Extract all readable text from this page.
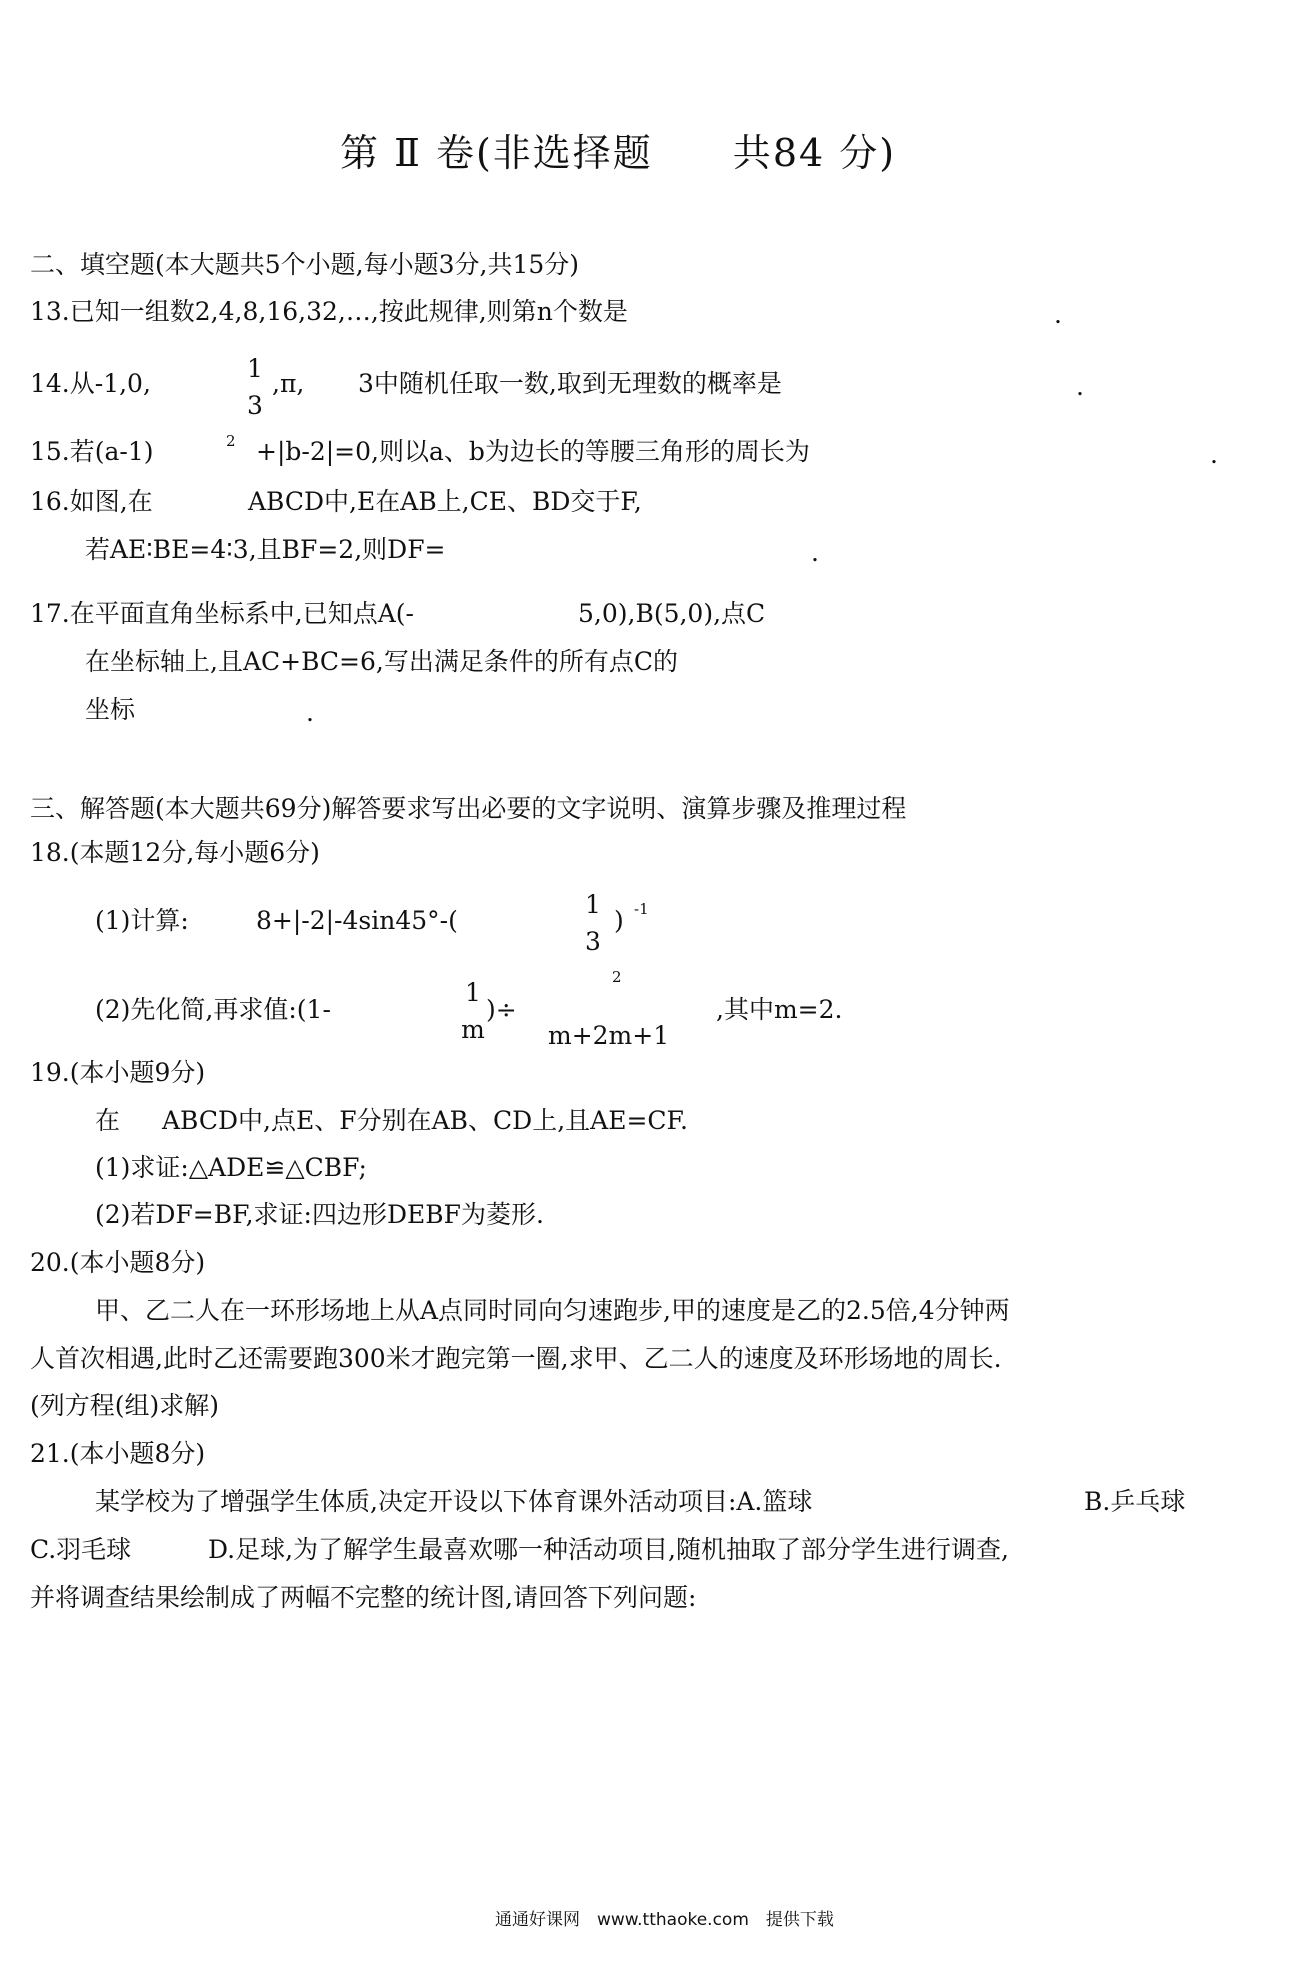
第 Ⅱ 卷(非选择题　　共84 分)
二、填空题(本大题共5个小题,每小题3分,共15分)
13.已知一组数2,4,8,16,32,…,按此规律,则第n个数是	.
14.从-1,0,
1
3
,π, 3中随机任取一数,取到无理数的概率是	.
15.若(a-1)	2 +|b-2|=0,则以a、b为边长的等腰三角形的周长为	.
16.如图,在	ABCD中,E在AB上,CE、BD交于F,
若AE∶BE=4∶3,且BF=2,则DF=	.
17.在平面直角坐标系中,已知点A(-	5,0),B(5,0),点C
在坐标轴上,且AC+BC=6,写出满足条件的所有点C的
坐标	.
三、解答题(本大题共69分)解答要求写出必要的文字说明、演算步骤及推理过程
18.(本题12分,每小题6分)
(1)计算:	8+|-2|-4sin45°-(
1
3
) -1
(2)先化简,再求值:(1-
1
m
)÷
2
m+2m+1
,其中m=2.
19.(本小题9分)
在 ABCD中,点E、F分别在AB、CD上,且AE=CF.
(1)求证:△ADE≌△CBF;
(2)若DF=BF,求证:四边形DEBF为菱形.
20.(本小题8分)
甲、乙二人在一环形场地上从A点同时同向匀速跑步,甲的速度是乙的2.5倍,4分钟两
人首次相遇,此时乙还需要跑300米才跑完第一圈,求甲、乙二人的速度及环形场地的周长.
(列方程(组)求解)
21.(本小题8分)
某学校为了增强学生体质,决定开设以下体育课外活动项目:A.篮球	B.乒乓球
C.羽毛球	D.足球,为了解学生最喜欢哪一种活动项目,随机抽取了部分学生进行调查,
并将调查结果绘制成了两幅不完整的统计图,请回答下列问题:
通通好课网　www.tthaoke.com　提供下载
